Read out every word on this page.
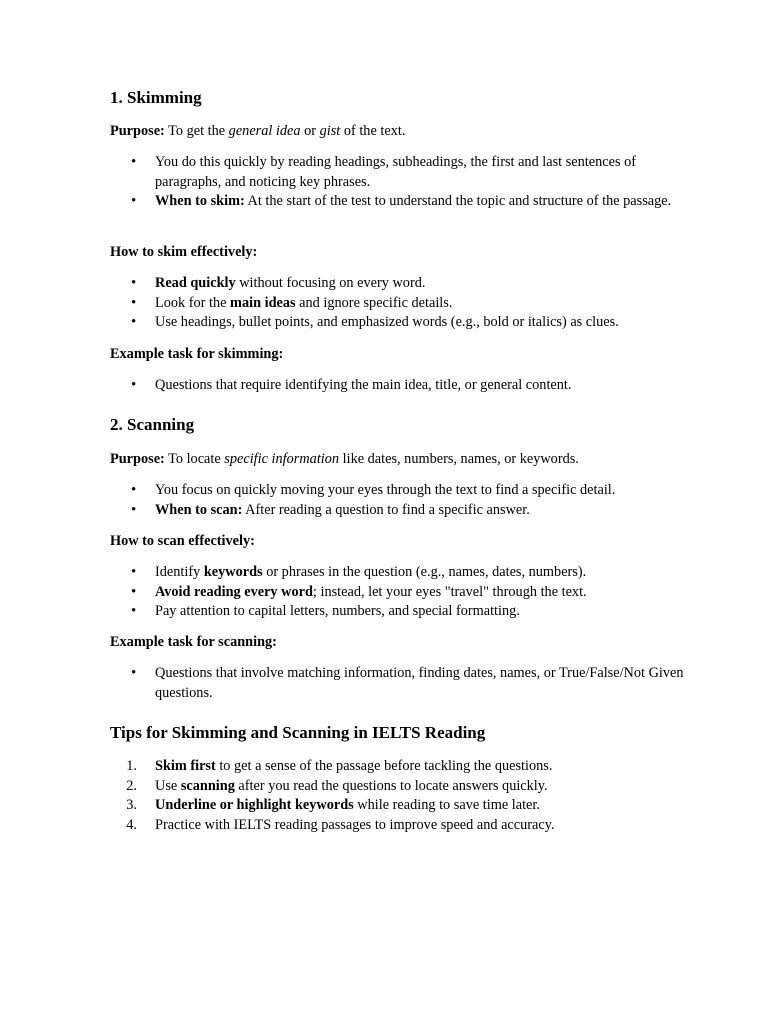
1. Skimming

Purpose: To get the general idea or gist of the text.

• You do this quickly by reading headings, subheadings, the first and last sentences of paragraphs, and noticing key phrases.
• When to skim: At the start of the test to understand the topic and structure of the passage.

How to skim effectively:

• Read quickly without focusing on every word.
• Look for the main ideas and ignore specific details.
• Use headings, bullet points, and emphasized words (e.g., bold or italics) as clues.

Example task for skimming:

• Questions that require identifying the main idea, title, or general content.
2. Scanning

Purpose: To locate specific information like dates, numbers, names, or keywords.

• You focus on quickly moving your eyes through the text to find a specific detail.
• When to scan: After reading a question to find a specific answer.

How to scan effectively:

• Identify keywords or phrases in the question (e.g., names, dates, numbers).
• Avoid reading every word; instead, let your eyes "travel" through the text.
• Pay attention to capital letters, numbers, and special formatting.

Example task for scanning:

• Questions that involve matching information, finding dates, names, or True/False/Not Given questions.
Tips for Skimming and Scanning in IELTS Reading
1. Skim first to get a sense of the passage before tackling the questions.
2. Use scanning after you read the questions to locate answers quickly.
3. Underline or highlight keywords while reading to save time later.
4. Practice with IELTS reading passages to improve speed and accuracy.
